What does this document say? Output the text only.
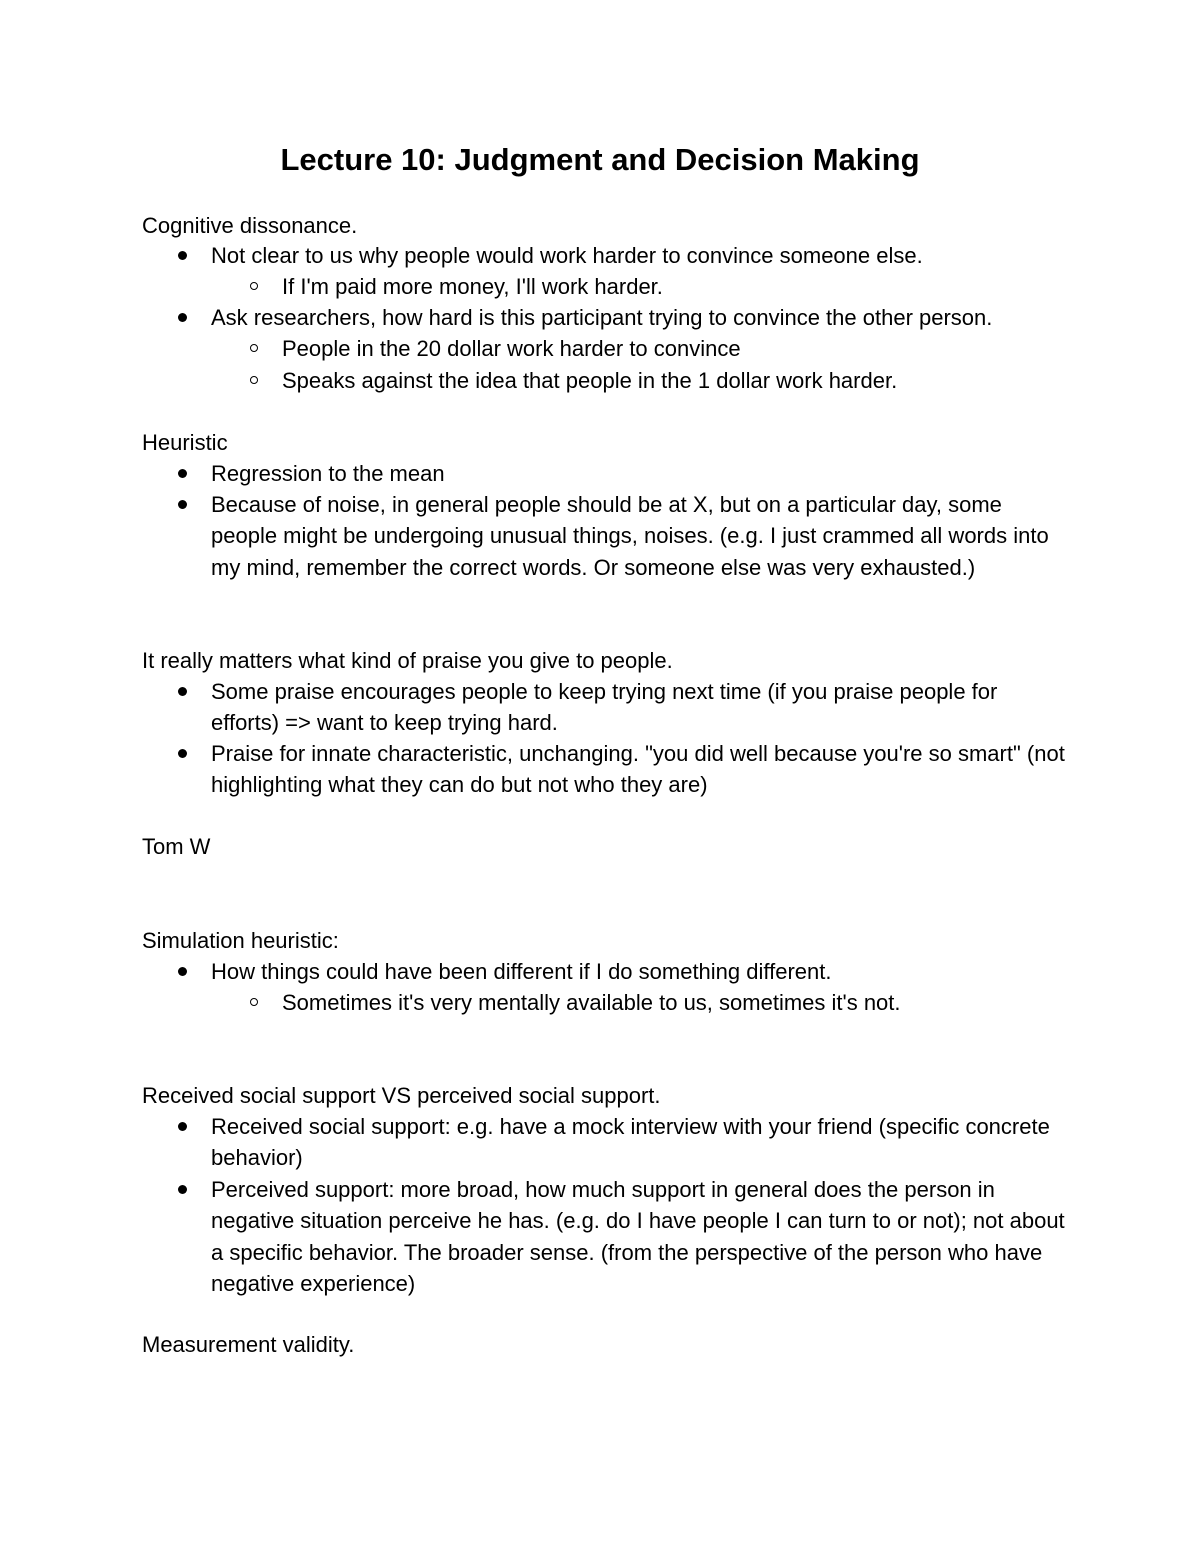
Lecture 10: Judgment and Decision Making
Cognitive dissonance.
Not clear to us why people would work harder to convince someone else.
If I'm paid more money, I'll work harder.
Ask researchers, how hard is this participant trying to convince the other person.
People in the 20 dollar work harder to convince
Speaks against the idea that people in the 1 dollar work harder.
Heuristic
Regression to the mean
Because of noise, in general people should be at X, but on a particular day, some people might be undergoing unusual things, noises. (e.g. I just crammed all words into my mind, remember the correct words. Or someone else was very exhausted.)
It really matters what kind of praise you give to people.
Some praise encourages people to keep trying next time (if you praise people for efforts) => want to keep trying hard.
Praise for innate characteristic, unchanging. "you did well because you're so smart" (not highlighting what they can do but not who they are)
Tom W
Simulation heuristic:
How things could have been different if I do something different.
Sometimes it's very mentally available to us, sometimes it's not.
Received social support VS perceived social support.
Received social support: e.g. have a mock interview with your friend (specific concrete behavior)
Perceived support: more broad, how much support in general does the person in negative situation perceive he has. (e.g. do I have people I can turn to or not); not about a specific behavior. The broader sense. (from the perspective of the person who have negative experience)
Measurement validity.
